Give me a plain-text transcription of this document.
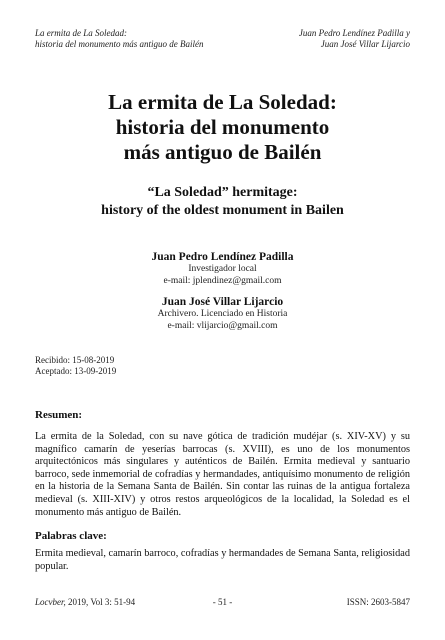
La ermita de La Soledad:
historia del monumento más antiguo de Bailén
Juan Pedro Lendínez Padilla y
Juan José Villar Lijarcio
La ermita de La Soledad:
historia del monumento
más antiguo de Bailén
“La Soledad” hermitage:
history of the oldest monument in Bailen
Juan Pedro Lendínez Padilla
Investigador local
e-mail: jplendinez@gmail.com
Juan José Villar Lijarcio
Archivero. Licenciado en Historia
e-mail: vlijarcio@gmail.com
Recibido: 15-08-2019
Aceptado: 13-09-2019
Resumen:

La ermita de la Soledad, con su nave gótica de tradición mudéjar (s. XIV-XV) y su magnífico camarín de yeserías barrocas (s. XVIII), es uno de los monumentos arquitectónicos más singulares y auténticos de Bailén. Ermita medieval y santuario barroco, sede inmemorial de cofradías y hermandades, antiquísimo monumento de religión en la historia de la Semana Santa de Bailén. Sin contar las ruinas de la antigua fortaleza medieval (s. XIII-XIV) y otros restos arqueológicos de la localidad, la Soledad es el monumento más antiguo de Bailén.

Palabras clave:

Ermita medieval, camarín barroco, cofradías y hermandades de Semana Santa, religiosidad popular.

Locvber, 2019, Vol 3: 51-94	- 51 -	ISSN: 2603-5847
